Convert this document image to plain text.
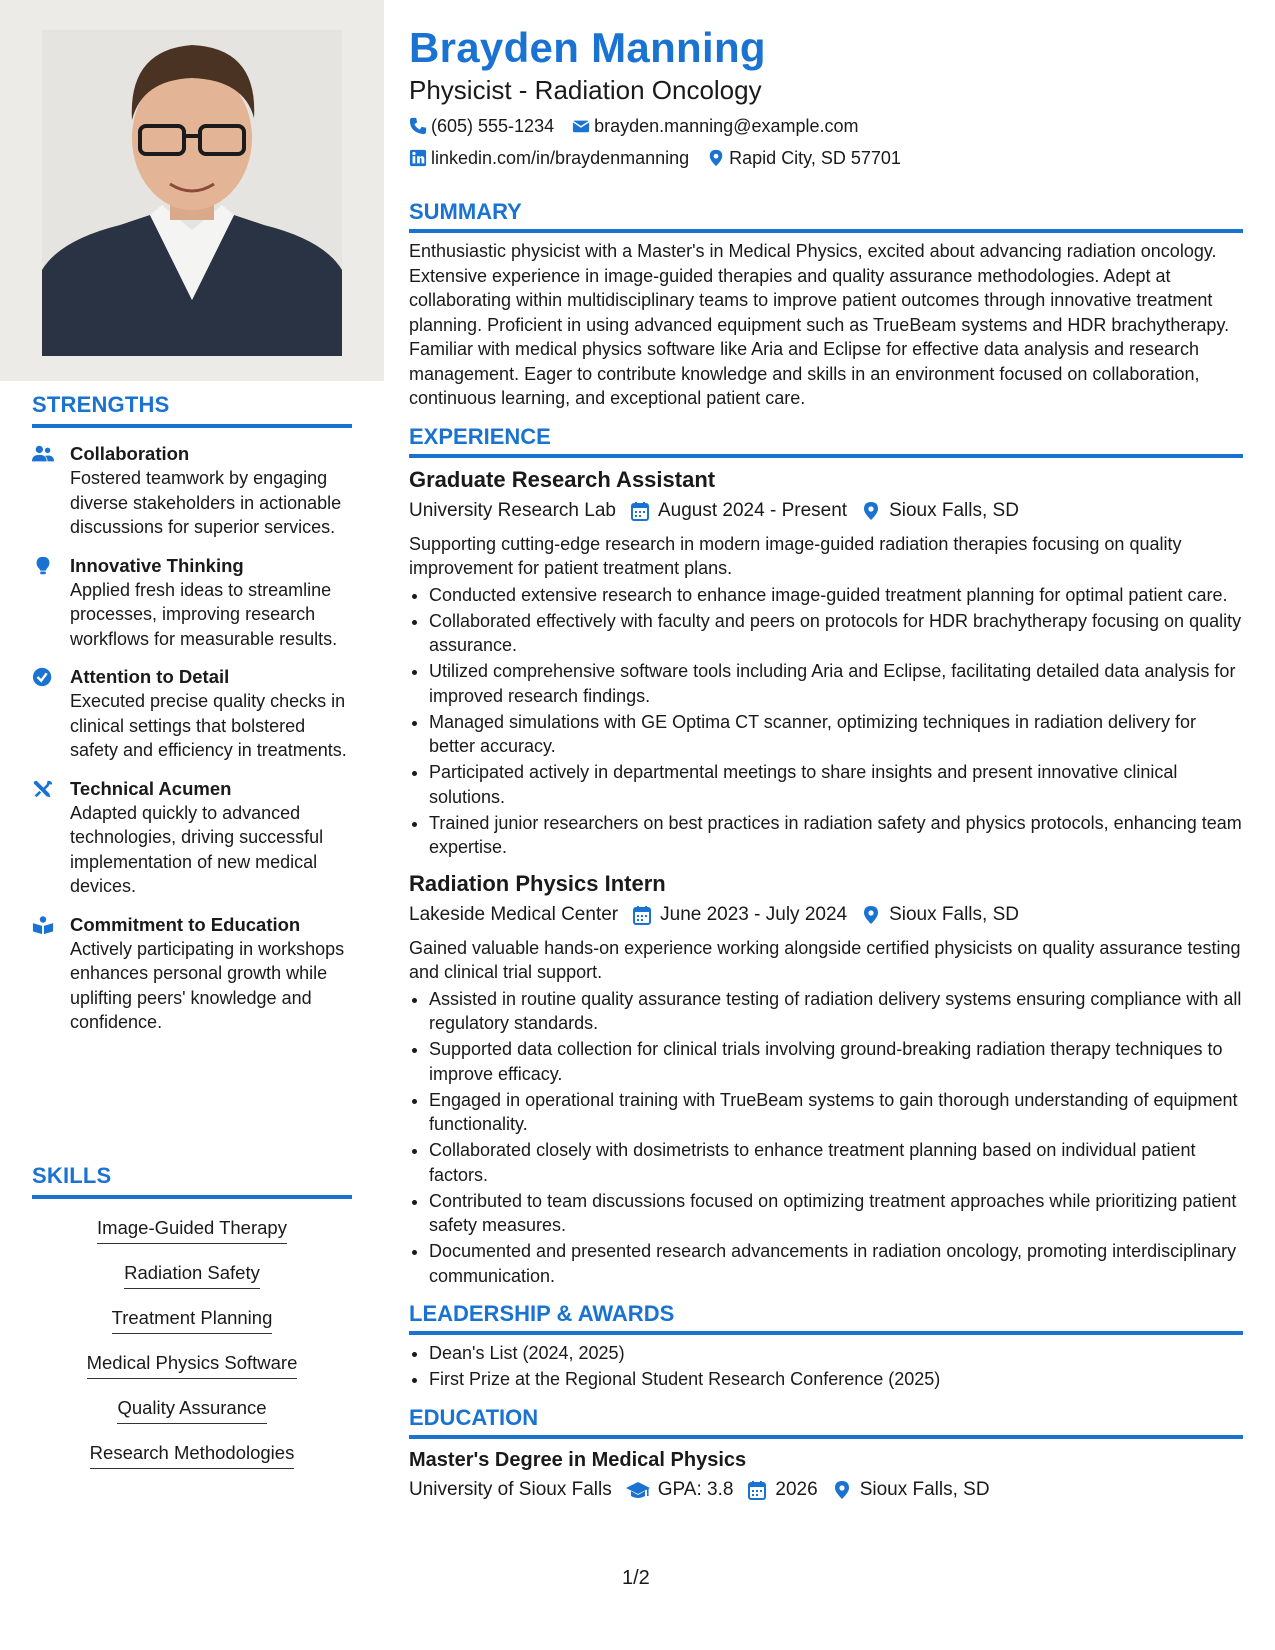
STRENGTHS
Collaboration
Fostered teamwork by engaging diverse stakeholders in actionable discussions for superior services.
Innovative Thinking
Applied fresh ideas to streamline processes, improving research workflows for measurable results.
Attention to Detail
Executed precise quality checks in clinical settings that bolstered safety and efficiency in treatments.
Technical Acumen
Adapted quickly to advanced technologies, driving successful implementation of new medical devices.
Commitment to Education
Actively participating in workshops enhances personal growth while uplifting peers' knowledge and confidence.
SKILLS
Image-Guided Therapy
Radiation Safety
Treatment Planning
Medical Physics Software
Quality Assurance
Research Methodologies
Brayden Manning
Physicist - Radiation Oncology
(605) 555-1234 brayden.manning@example.com
linkedin.com/in/braydenmanning Rapid City, SD 57701
SUMMARY
Enthusiastic physicist with a Master's in Medical Physics, excited about advancing radiation oncology. Extensive experience in image-guided therapies and quality assurance methodologies. Adept at collaborating within multidisciplinary teams to improve patient outcomes through innovative treatment planning. Proficient in using advanced equipment such as TrueBeam systems and HDR brachytherapy. Familiar with medical physics software like Aria and Eclipse for effective data analysis and research management. Eager to contribute knowledge and skills in an environment focused on collaboration, continuous learning, and exceptional patient care.
EXPERIENCE
Graduate Research Assistant
University Research Lab August 2024 - Present Sioux Falls, SD
Supporting cutting-edge research in modern image-guided radiation therapies focusing on quality improvement for patient treatment plans.
• Conducted extensive research to enhance image-guided treatment planning for optimal patient care.
• Collaborated effectively with faculty and peers on protocols for HDR brachytherapy focusing on quality assurance.
• Utilized comprehensive software tools including Aria and Eclipse, facilitating detailed data analysis for improved research findings.
• Managed simulations with GE Optima CT scanner, optimizing techniques in radiation delivery for better accuracy.
• Participated actively in departmental meetings to share insights and present innovative clinical solutions.
• Trained junior researchers on best practices in radiation safety and physics protocols, enhancing team expertise.
Radiation Physics Intern
Lakeside Medical Center June 2023 - July 2024 Sioux Falls, SD
Gained valuable hands-on experience working alongside certified physicists on quality assurance testing and clinical trial support.
• Assisted in routine quality assurance testing of radiation delivery systems ensuring compliance with all regulatory standards.
• Supported data collection for clinical trials involving ground-breaking radiation therapy techniques to improve efficacy.
• Engaged in operational training with TrueBeam systems to gain thorough understanding of equipment functionality.
• Collaborated closely with dosimetrists to enhance treatment planning based on individual patient factors.
• Contributed to team discussions focused on optimizing treatment approaches while prioritizing patient safety measures.
• Documented and presented research advancements in radiation oncology, promoting interdisciplinary communication.
LEADERSHIP & AWARDS
• Dean's List (2024, 2025)
• First Prize at the Regional Student Research Conference (2025)
EDUCATION
Master's Degree in Medical Physics
University of Sioux Falls GPA: 3.8 2026 Sioux Falls, SD
1/2
